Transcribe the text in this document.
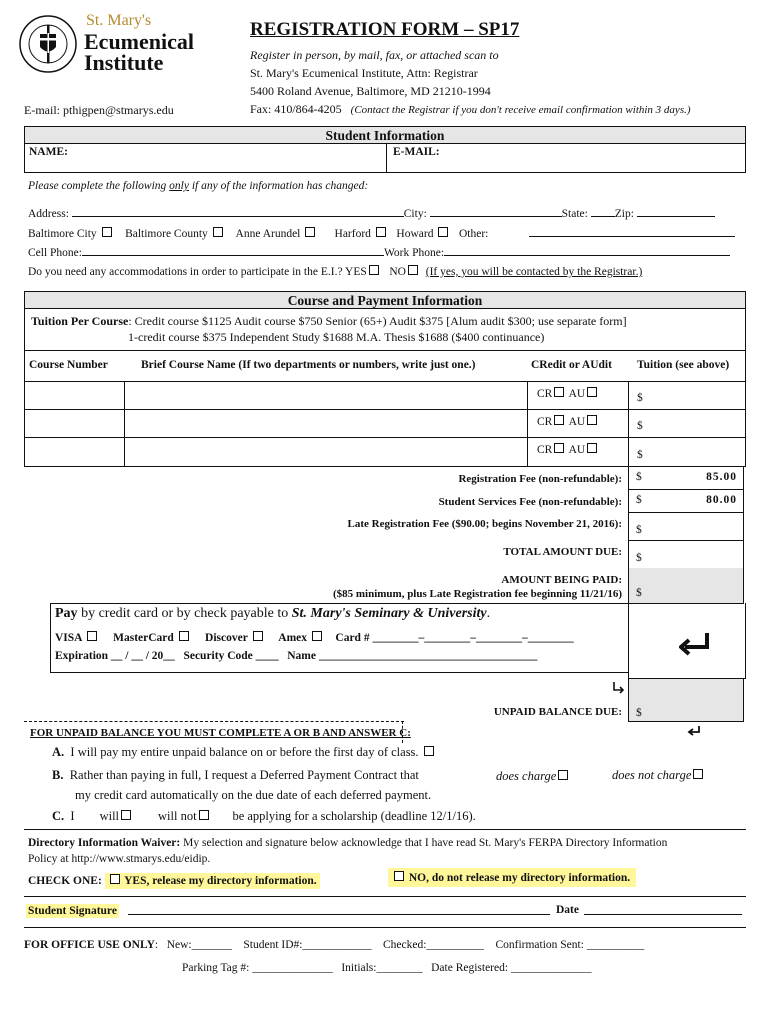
St. Mary's
Ecumenical
Institute
E-mail: pthigpen@stmarys.edu
REGISTRATION FORM – SP17
Register in person, by mail, fax, or attached scan to
St. Mary's Ecumenical Institute, Attn: Registrar
5400 Roland Avenue, Baltimore, MD 21210-1994
Fax: 410/864-4205 (Contact the Registrar if you don't receive email confirmation within 3 days.)
Student Information
NAME:	E-MAIL:
Please complete the following only if any of the information has changed:
Address:	City:	State: Zip:
Baltimore City Baltimore County Anne Arundel	Harford Howard Other:
Cell Phone:	Work Phone:
Do you need any accommodations in order to participate in the E.I.? YES NO (If yes, you will be contacted by the Registrar.)
Course and Payment Information
Tuition Per Course: Credit course $1125 Audit course $750 Senior (65+) Audit $375 [Alum audit $300; use separate form]
1-credit course $375 Independent Study $1688 M.A. Thesis $1688 ($400 continuance)
Course Number	Brief Course Name (If two departments or numbers, write just one.)	CRedit or AUdit Tuition (see above)
CR AU	$
CR AU	$
CR AU	$
Registration Fee (non-refundable):	$	85.00
Student Services Fee (non-refundable):	$	80.00
Late Registration Fee ($90.00; begins November 21, 2016):	$
TOTAL AMOUNT DUE:	$
AMOUNT BEING PAID:
($85 minimum, plus Late Registration fee beginning 11/21/16)	$
Pay by credit card or by check payable to St. Mary's Seminary & University.
VISA	MasterCard	Discover	Amex Card # ________–________–________–________
Expiration __ / __ / 20__ Security Code ____ Name ______________________________________
UNPAID BALANCE DUE:	$
FOR UNPAID BALANCE YOU MUST COMPLETE A OR B AND ANSWER C:
A. I will pay my entire unpaid balance on or before the first day of class.
B. Rather than paying in full, I request a Deferred Payment Contract that	does charge	does not charge
my credit card automatically on the due date of each deferred payment.
C. I will	will not	be applying for a scholarship (deadline 12/1/16).
Directory Information Waiver: My selection and signature below acknowledge that I have read St. Mary's FERPA Directory Information
Policy at http://www.stmarys.edu/eidip.
CHECK ONE: YES, release my directory information.	NO, do not release my directory information.
Student Signature	Date
FOR OFFICE USE ONLY:   New:_______ Student ID#:____________ Checked:__________ Confirmation Sent: __________
Parking Tag #: ______________ Initials:________ Date Registered: ______________
